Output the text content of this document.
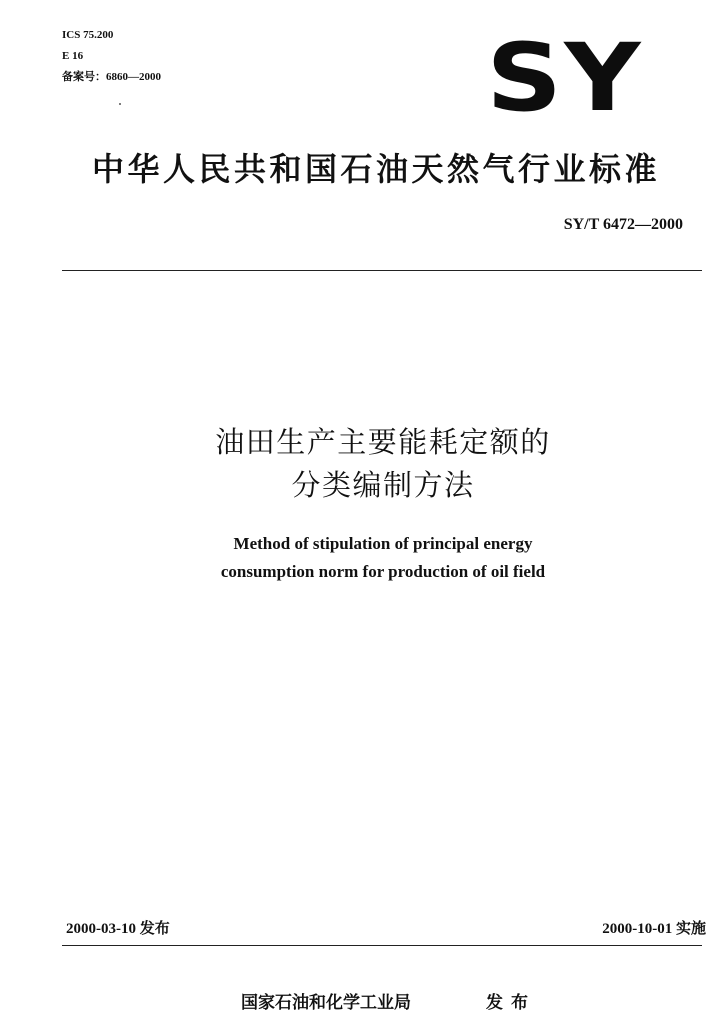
ICS 75.200
E 16
备案号：6860—2000	SY
中华人民共和国石油天然气行业标准
SY/T 6472—2000
油田生产主要能耗定额的
分类编制方法
Method of stipulation of principal energy
consumption norm for production of oil field
2000-03-10 发布	2000-10-01 实施
国家石油和化学工业局	发布
